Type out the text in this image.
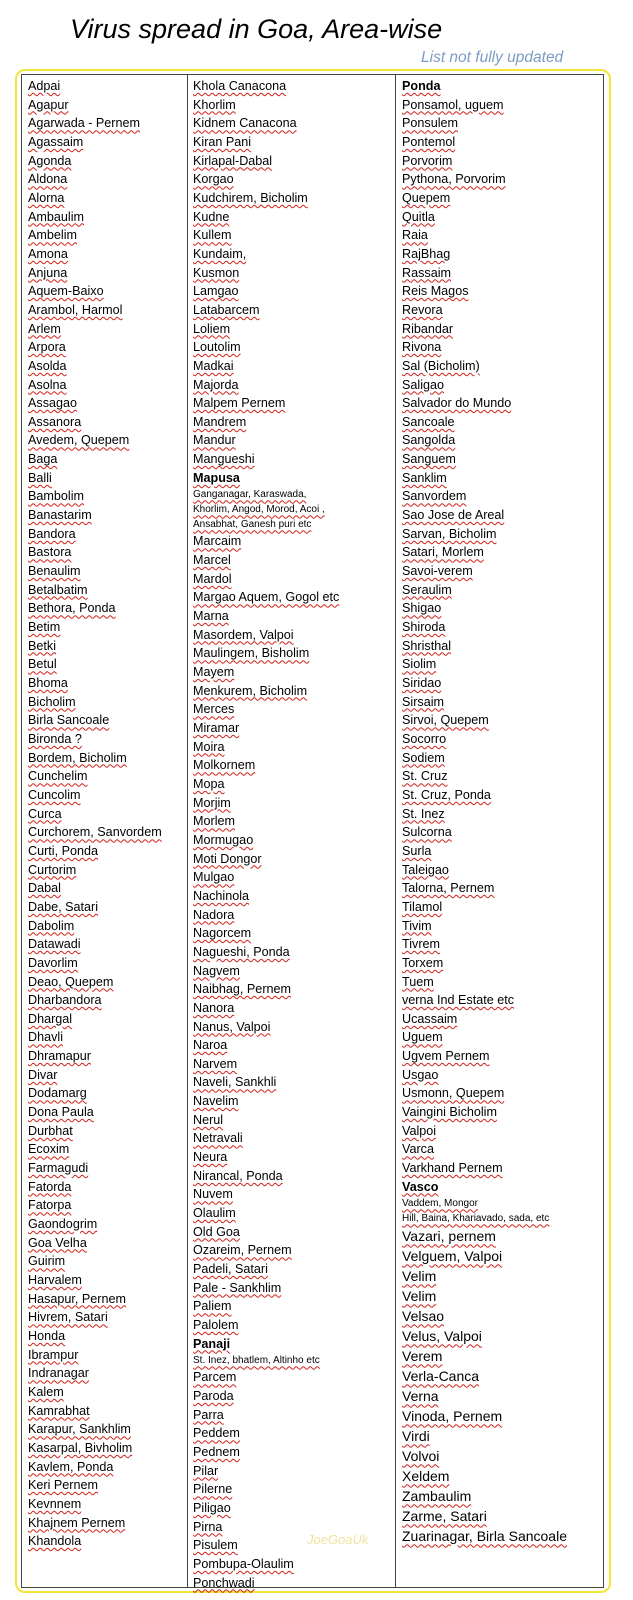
Virus spread in Goa, Area-wise
List not fully updated
Adpai
Agapur
Agarwada - Pernem
Agassaim
Agonda
Aldona
Alorna
Ambaulim
Ambelim
Amona
Anjuna
Aquem-Baixo
Arambol, Harmol
Arlem
Arpora
Asolda
Asolna
Assagao
Assanora
Avedem, Quepem
Baga
Balli
Bambolim
Banastarim
Bandora
Bastora
Benaulim
Betalbatim
Bethora, Ponda
Betim
Betki
Betul
Bhoma
Bicholim
Birla Sancoale
Bironda ?
Bordem, Bicholim
Cunchelim
Cuncolim
Curca
Curchorem, Sanvordem
Curti, Ponda
Curtorim
Dabal
Dabe, Satari
Dabolim
Datawadi
Davorlim
Deao, Quepem
Dharbandora
Dhargal
Dhavli
Dhramapur
Divar
Dodamarg
Dona Paula
Durbhat
Ecoxim
Farmagudi
Fatorda
Fatorpa
Gaondogrim
Goa Velha
Guirim
Harvalem
Hasapur, Pernem
Hivrem, Satari
Honda
Ibrampur
Indranagar
Kalem
Kamrabhat
Karapur, Sankhlim
Kasarpal, Bivholim
Kavlem, Ponda
Keri Pernem
Kevnnem
Khajnem Pernem
Khandola
Khola Canacona
Khorlim
Kidnem Canacona
Kiran Pani
Kirlapal-Dabal
Korgao
Kudchirem, Bicholim
Kudne
Kullem
Kundaim,
Kusmon
Lamgao
Latabarcem
Loliem
Loutolim
Madkai
Majorda
Malpem Pernem
Mandrem
Mandur
Mangueshi
Mapusa
Ganganagar, Karaswada,
Khorlim, Angod, Morod, Acoi ,
Ansabhat, Ganesh puri etc
Marcaim
Marcel
Mardol
Margao Aquem, Gogol etc
Marna
Masordem, Valpoi
Maulingem, Bisholim
Mayem
Menkurem, Bicholim
Merces
Miramar
Moira
Molkornem
Mopa
Morjim
Morlem
Mormugao
Moti Dongor
Mulgao
Nachinola
Nadora
Nagorcem
Nagueshi, Ponda
Nagvem
Naibhag, Pernem
Nanora
Nanus, Valpoi
Naroa
Narvem
Naveli, Sankhli
Navelim
Nerul
Netravali
Neura
Nirancal, Ponda
Nuvem
Olaulim
Old Goa
Ozareim, Pernem
Padeli, Satari
Pale - Sankhlim
Paliem
Palolem
Panaji
St. Inez, bhatlem, Altinho etc
Parcem
Paroda
Parra
Peddem
Pednem
Pilar
Pilerne
Piligao
Pirna
Pisulem
Pombupa-Olaulim
Ponchwadi
Ponda
Ponsamol, uguem
Ponsulem
Pontemol
Porvorim
Pythona, Porvorim
Quepem
Quitla
Raia
RajBhag
Rassaim
Reis Magos
Revora
Ribandar
Rivona
Sal (Bicholim)
Saligao
Salvador do Mundo
Sancoale
Sangolda
Sanguem
Sanklim
Sanvordem
Sao Jose de Areal
Sarvan, Bicholim
Satari, Morlem
Savoi-verem
Seraulim
Shigao
Shiroda
Shristhal
Siolim
Siridao
Sirsaim
Sirvoi, Quepem
Socorro
Sodiem
St. Cruz
St. Cruz, Ponda
St. Inez
Sulcorna
Surla
Taleigao
Talorna, Pernem
Tilamol
Tivim
Tivrem
Torxem
Tuem
verna Ind Estate etc
Ucassaim
Uguem
Ugvem Pernem
Usgao
Usmonn, Quepem
Vaingini Bicholim
Valpoi
Varca
Varkhand Pernem
Vasco
Vaddem, Mongor
Hill, Baina, Khariavado, sada, etc
Vazari, pernem
Velguem, Valpoi
Velim
Velim
Velsao
Velus, Valpoi
Verem
Verla-Canca
Verna
Vinoda, Pernem
Virdi
Volvoi
Xeldem
Zambaulim
Zarme, Satari
Zuarinagar, Birla Sancoale
JoeGoaUk
